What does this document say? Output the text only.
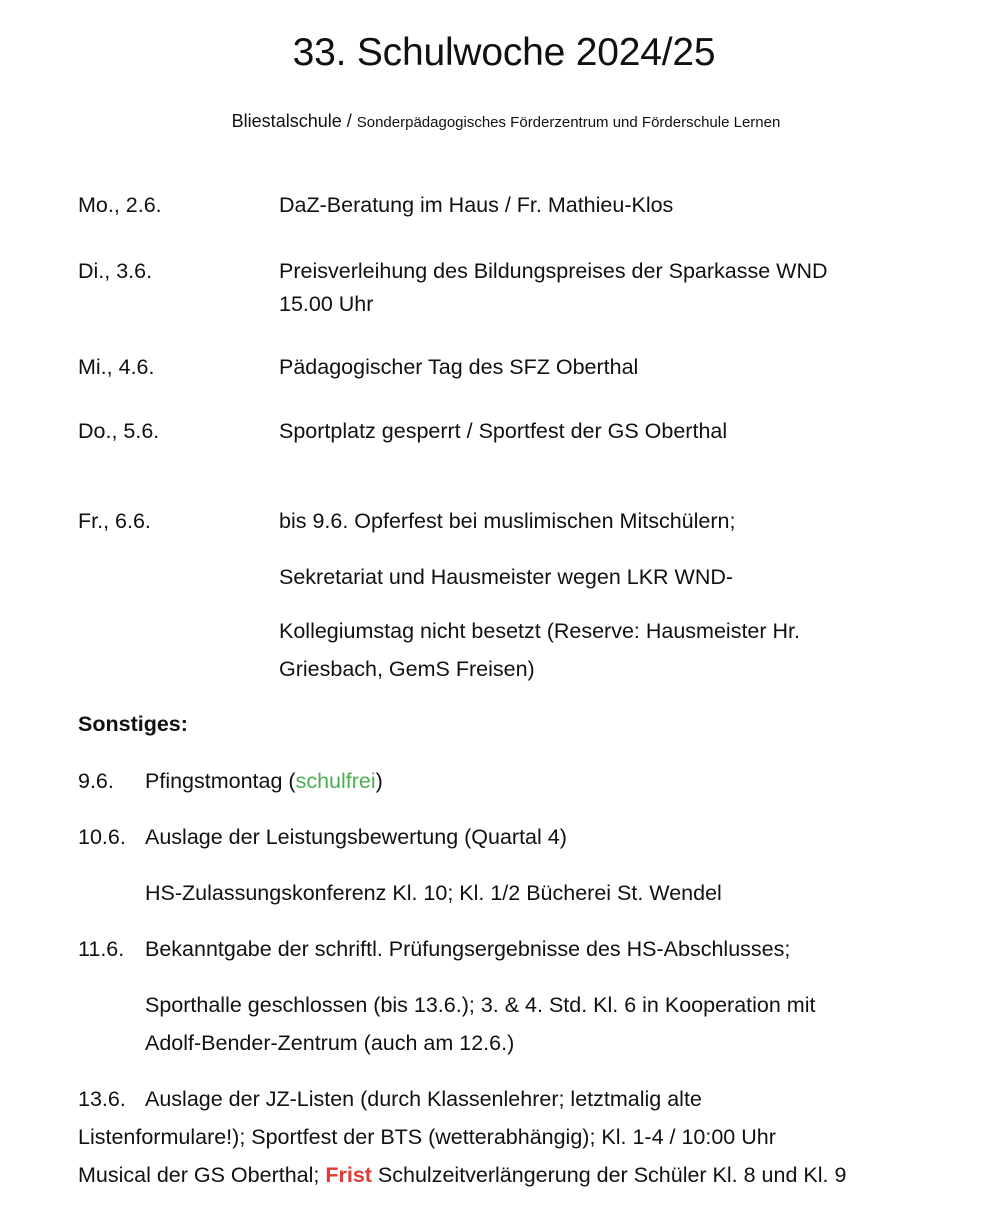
33. Schulwoche 2024/25
Bliestalschule / Sonderpädagogisches Förderzentrum und Förderschule Lernen
Mo., 2.6.	DaZ-Beratung im Haus / Fr. Mathieu-Klos

Di., 3.6.	Preisverleihung des Bildungspreises der Sparkasse WND

15.00 Uhr

Mi., 4.6.	Pädagogischer Tag des SFZ Oberthal

Do., 5.6.	Sportplatz gesperrt / Sportfest der GS Oberthal

Fr., 6.6.	bis 9.6. Opferfest bei muslimischen Mitschülern;

Sekretariat und Hausmeister wegen LKR WND-

Kollegiumstag nicht besetzt (Reserve: Hausmeister Hr.

Griesbach, GemS Freisen)

Sonstiges:
9.6. Pfingstmontag (schulfrei)
10.6. Auslage der Leistungsbewertung (Quartal 4)
HS-Zulassungskonferenz Kl. 10; Kl. 1/2 Bücherei St. Wendel
11.6. Bekanntgabe der schriftl. Prüfungsergebnisse des HS-Abschlusses;
Sporthalle geschlossen (bis 13.6.); 3. & 4. Std. Kl. 6 in Kooperation mit
Adolf-Bender-Zentrum (auch am 12.6.)
13.6. Auslage der JZ-Listen (durch Klassenlehrer; letztmalig alte
Listenformulare!); Sportfest der BTS (wetterabhängig); Kl. 1-4 / 10:00 Uhr
Musical der GS Oberthal; Frist Schulzeitverlängerung der Schüler Kl. 8 und Kl. 9
